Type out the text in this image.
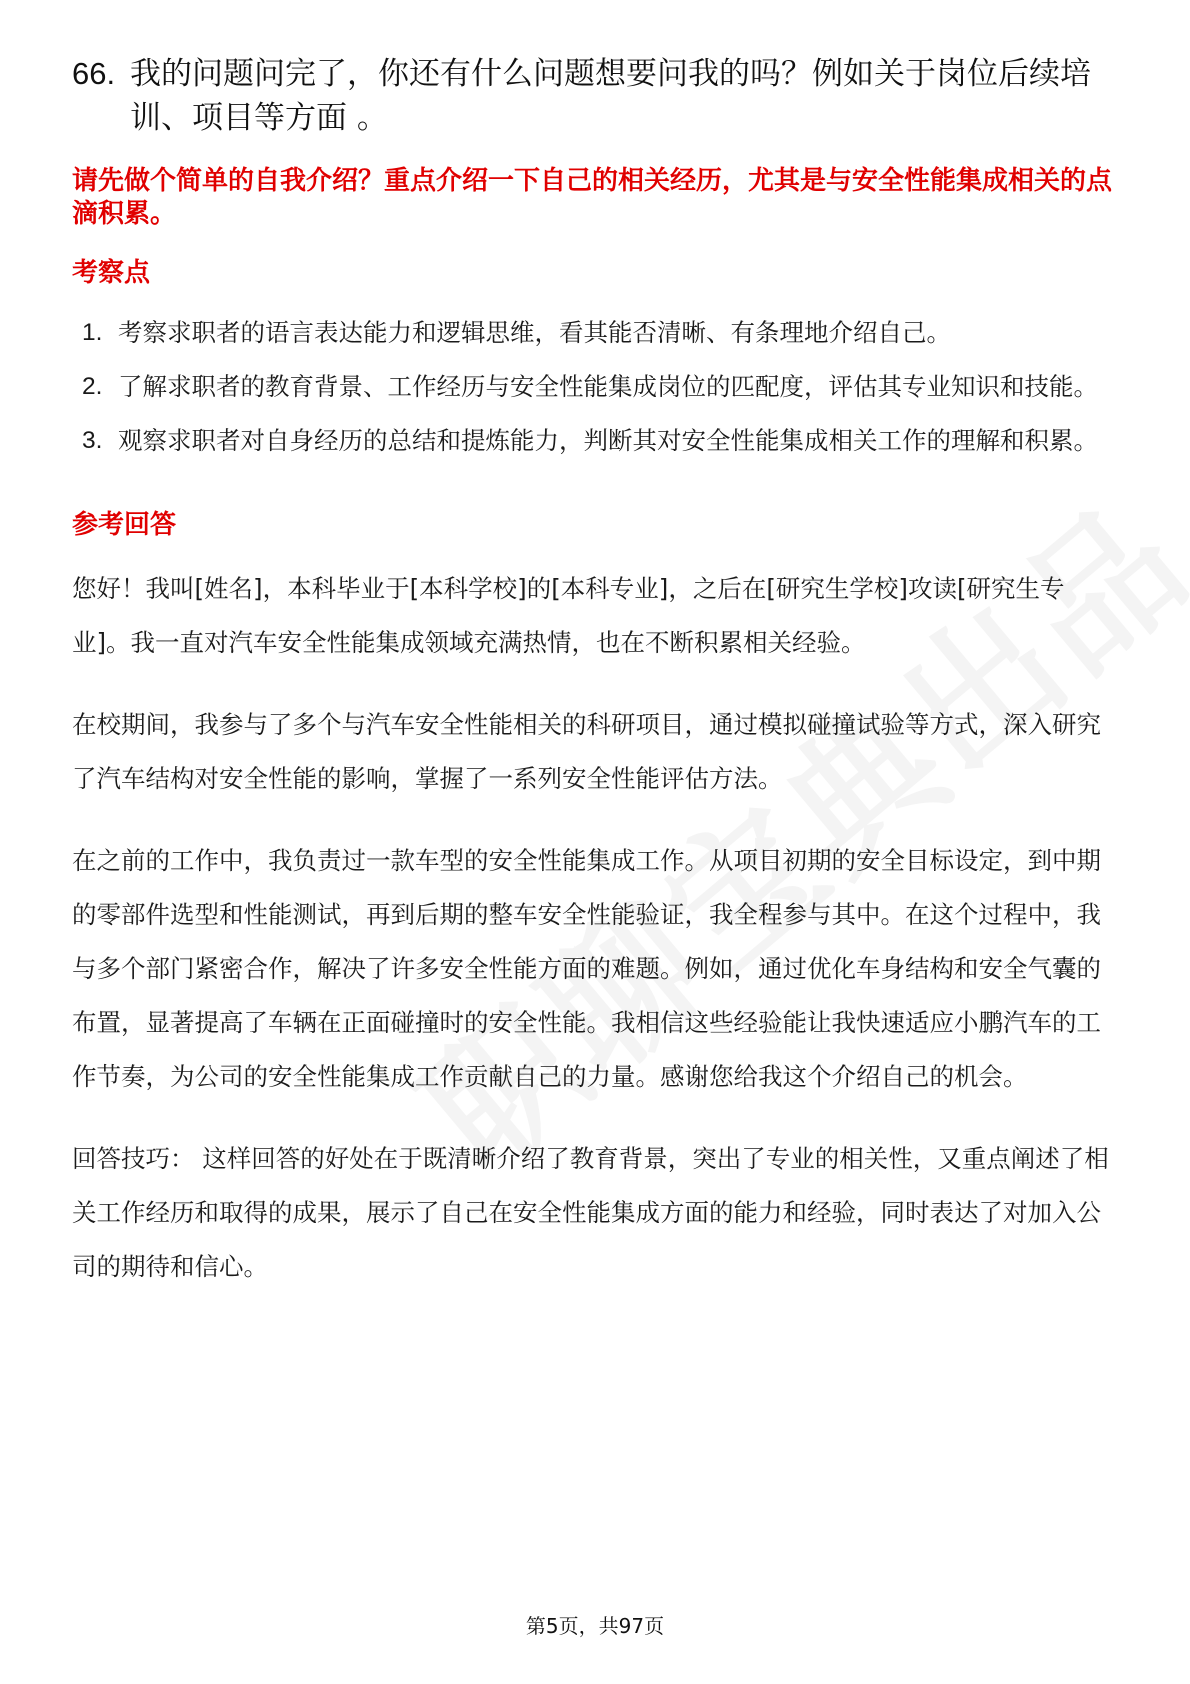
66. 我的问题问完了，你还有什么问题想要问我的吗？例如关于岗位后续培训、项目等方面 。
请先做个简单的自我介绍？重点介绍一下自己的相关经历，尤其是与安全性能集成相关的点滴积累。
考察点
1. 考察求职者的语言表达能力和逻辑思维，看其能否清晰、有条理地介绍自己。
2. 了解求职者的教育背景、工作经历与安全性能集成岗位的匹配度，评估其专业知识和技能。
3. 观察求职者对自身经历的总结和提炼能力，判断其对安全性能集成相关工作的理解和积累。
参考回答

您好！我叫[姓名]，本科毕业于[本科学校]的[本科专业]，之后在[研究生学校]攻读[研究生专业]。我一直对汽车安全性能集成领域充满热情，也在不断积累相关经验。

在校期间，我参与了多个与汽车安全性能相关的科研项目，通过模拟碰撞试验等方式，深入研究了汽车结构对安全性能的影响，掌握了一系列安全性能评估方法。

在之前的工作中，我负责过一款车型的安全性能集成工作。从项目初期的安全目标设定，到中期的零部件选型和性能测试，再到后期的整车安全性能验证，我全程参与其中。在这个过程中，我与多个部门紧密合作，解决了许多安全性能方面的难题。例如，通过优化车身结构和安全气囊的布置，显著提高了车辆在正面碰撞时的安全性能。我相信这些经验能让我快速适应小鹏汽车的工作节奏，为公司的安全性能集成工作贡献自己的力量。感谢您给我这个介绍自己的机会。

回答技巧： 这样回答的好处在于既清晰介绍了教育背景，突出了专业的相关性，又重点阐述了相关工作经历和取得的成果，展示了自己在安全性能集成方面的能力和经验，同时表达了对加入公司的期待和信心。

第5页，共97页
